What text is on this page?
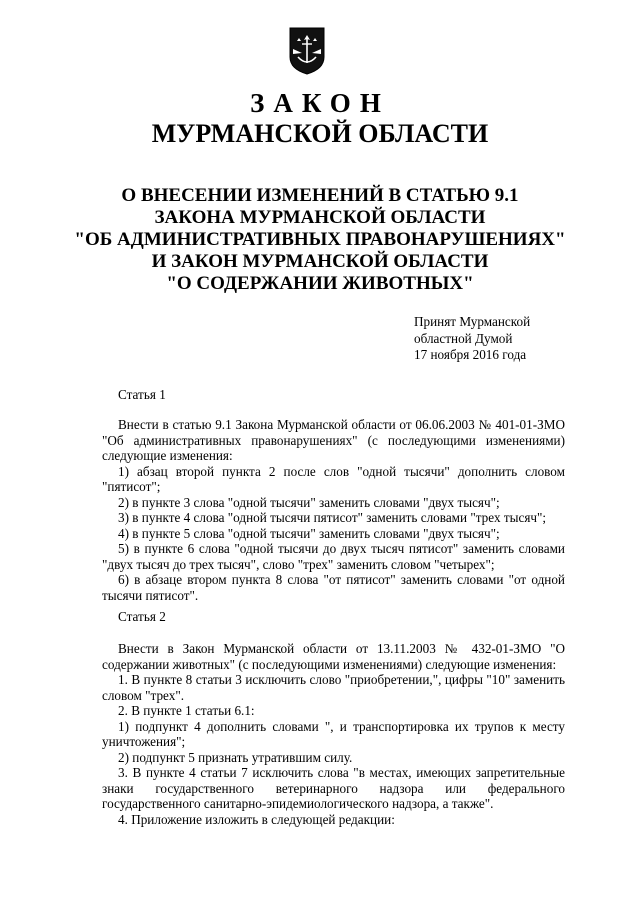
ЗАКОН
МУРМАНСКОЙ ОБЛАСТИ
О ВНЕСЕНИИ ИЗМЕНЕНИЙ В СТАТЬЮ 9.1
ЗАКОНА МУРМАНСКОЙ ОБЛАСТИ
"ОБ АДМИНИСТРАТИВНЫХ ПРАВОНАРУШЕНИЯХ"
И ЗАКОН МУРМАНСКОЙ ОБЛАСТИ
"О СОДЕРЖАНИИ ЖИВОТНЫХ"
Принят Мурманской
областной Думой
17 ноября 2016 года
Статья 1

Внести в статью 9.1 Закона Мурманской области от 06.06.2003 № 401-01-ЗМО "Об административных правонарушениях" (с последующими изменениями) следующие изменения:

1) абзац второй пункта 2 после слов "одной тысячи" дополнить словом "пятисот";

2) в пункте 3 слова "одной тысячи" заменить словами "двух тысяч";

3) в пункте 4 слова "одной тысячи пятисот" заменить словами "трех тысяч";

4) в пункте 5 слова "одной тысячи" заменить словами "двух тысяч";

5) в пункте 6 слова "одной тысячи до двух тысяч пятисот" заменить словами "двух тысяч до трех тысяч", слово "трех" заменить словом "четырех";

6) в абзаце втором пункта 8 слова "от пятисот" заменить словами "от одной тысячи пятисот".

Статья 2

Внести в Закон Мурманской области от 13.11.2003 № 432-01-ЗМО "О содержании животных" (с последующими изменениями) следующие изменения:

1. В пункте 8 статьи 3 исключить слово "приобретении,", цифры "10" заменить словом "трех".

2. В пункте 1 статьи 6.1:

1) подпункт 4 дополнить словами ", и транспортировка их трупов к месту уничтожения";

2) подпункт 5 признать утратившим силу.

3. В пункте 4 статьи 7 исключить слова "в местах, имеющих запретительные знаки государственного ветеринарного надзора или федерального государственного санитарно-эпидемиологического надзора, а также".

4. Приложение изложить в следующей редакции:
